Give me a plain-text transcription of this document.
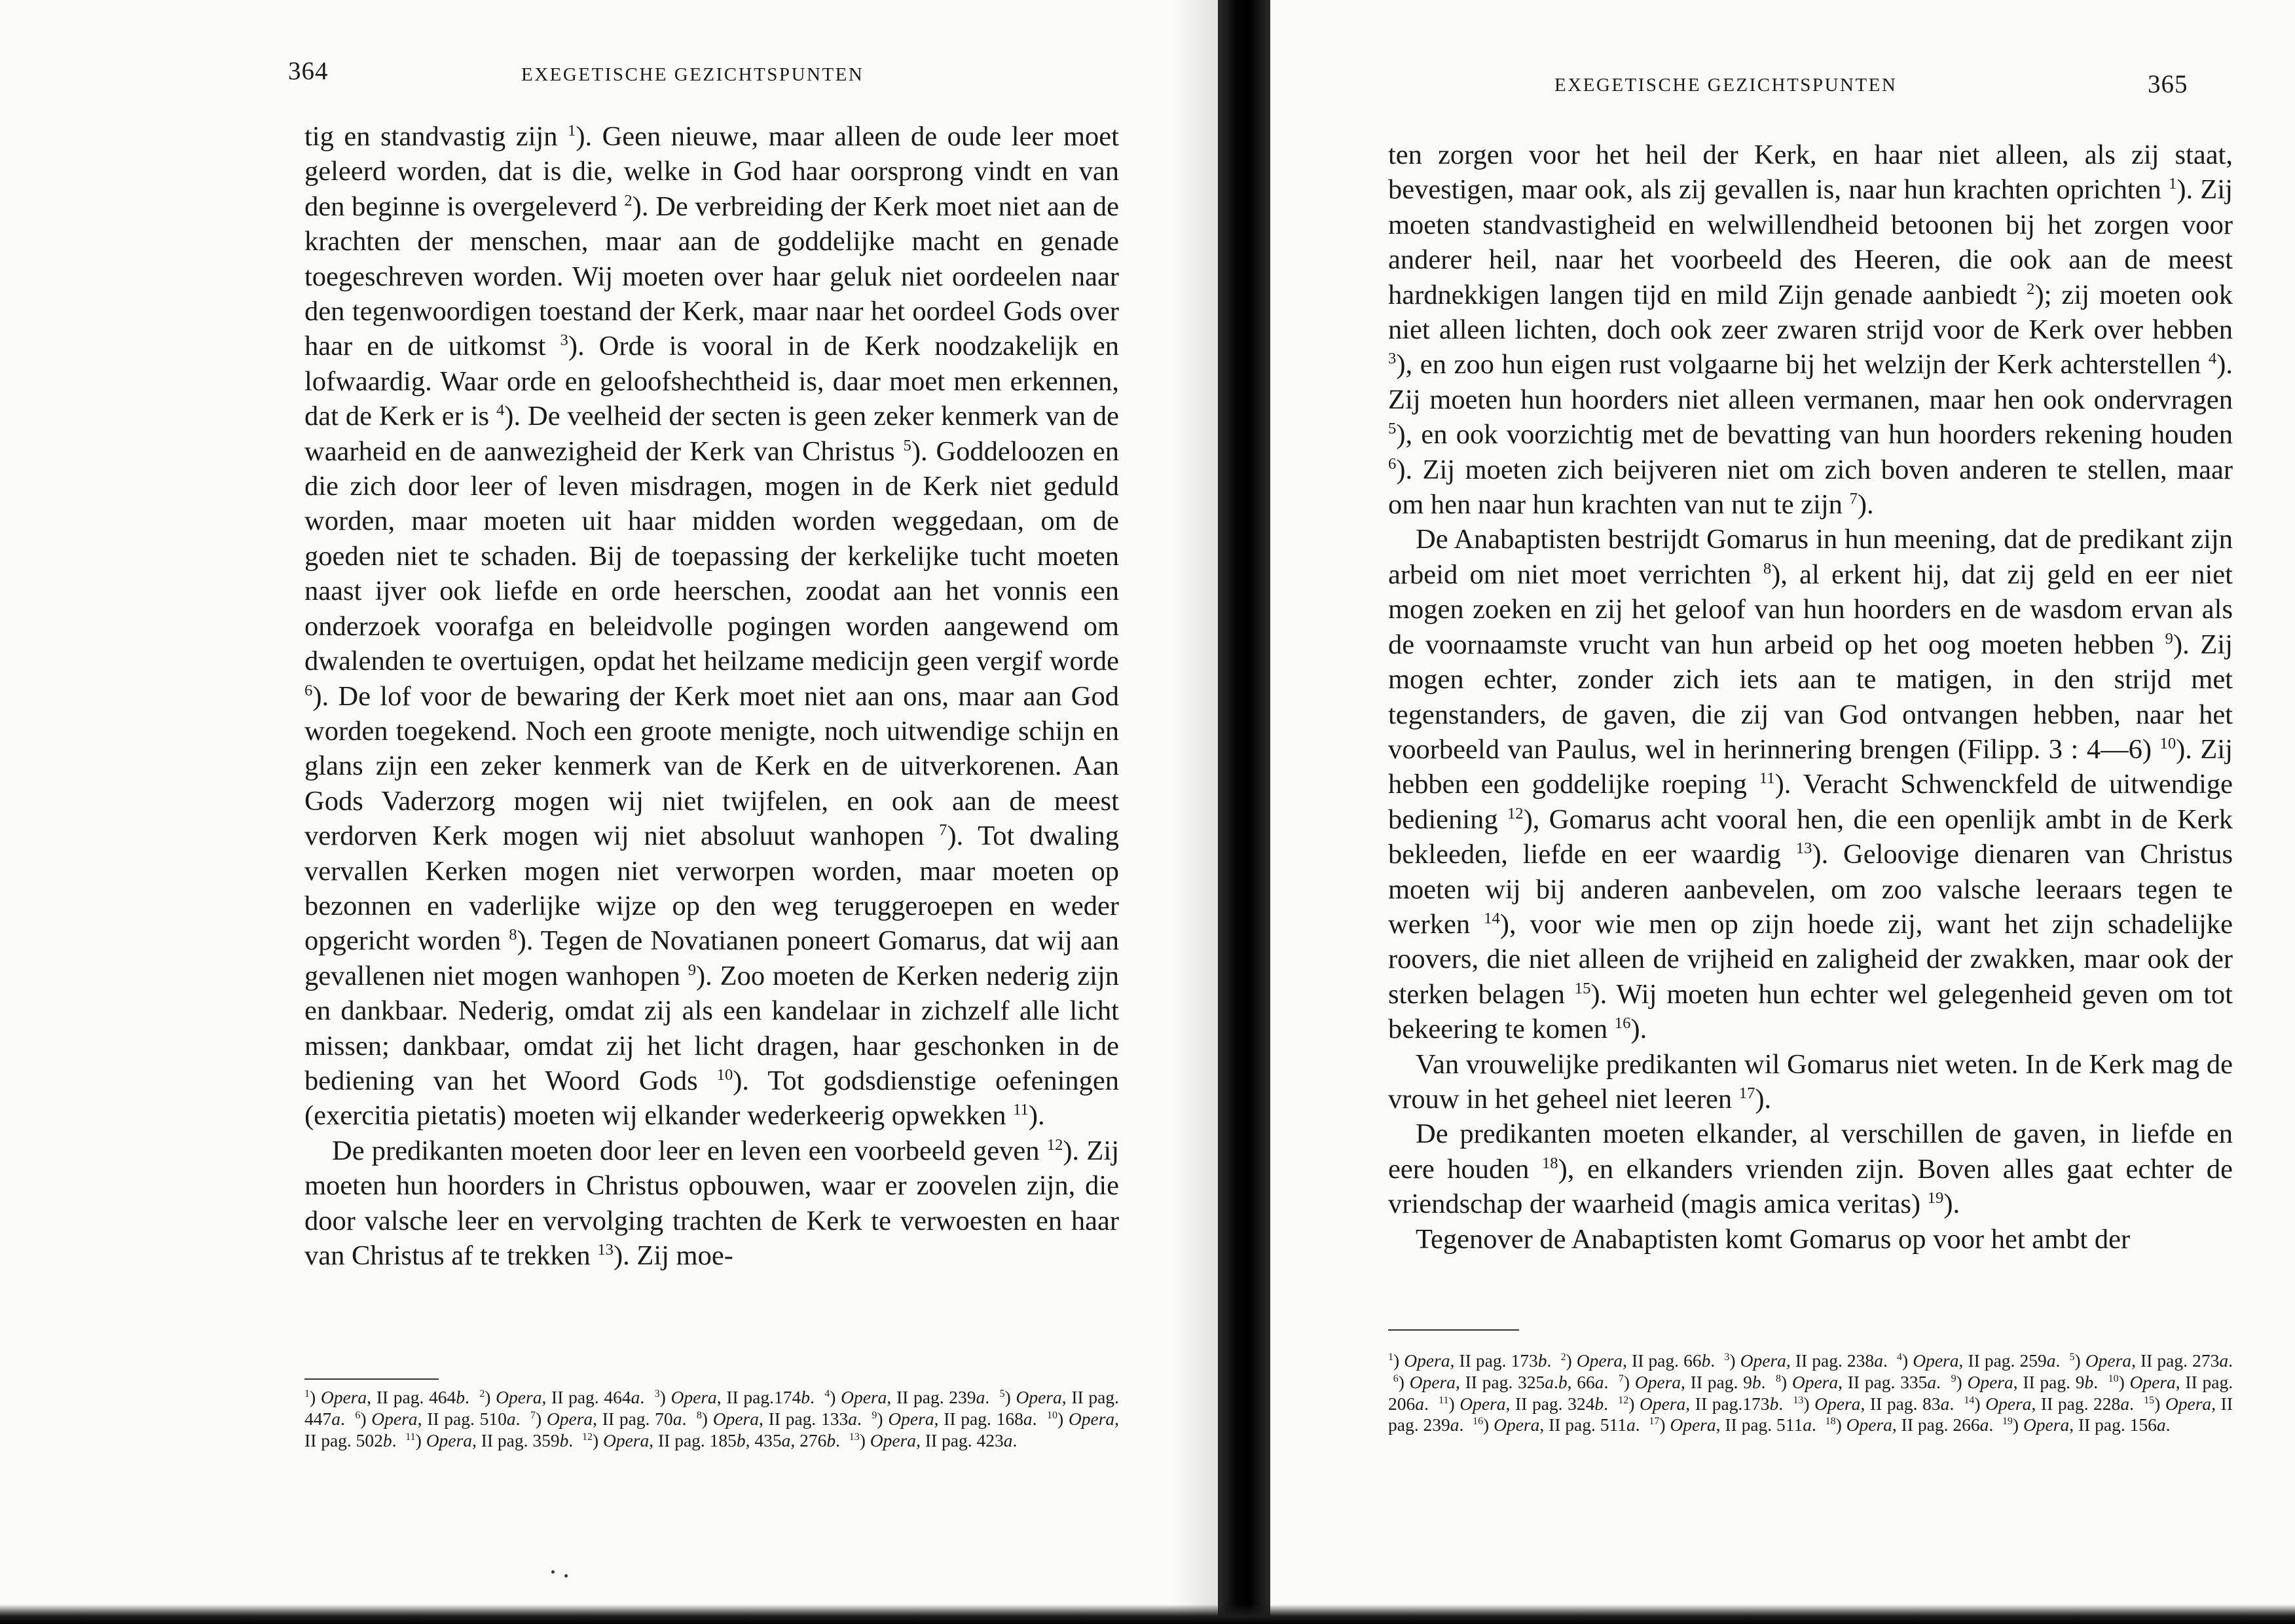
364	EXEGETISCHE GEZICHTSPUNTEN

tig en standvastig zijn $^1$). Geen nieuwe, maar alleen de oude leer moet geleerd worden, dat is die, welke in God haar oorsprong vindt en van den beginne is overgeleverd $^2$). De verbreiding der Kerk moet niet aan de krachten der menschen, maar aan de goddelijke macht en genade toegeschreven worden. Wij moeten over haar geluk niet oordeelen naar den tegenwoordigen toestand der Kerk, maar naar het oordeel Gods over haar en de uitkomst $^3$). Orde is vooral in de Kerk noodzakelijk en lofwaardig. Waar orde en geloofshechtheid is, daar moet men erkennen, dat de Kerk er is $^4$). De veelheid der secten is geen zeker kenmerk van de waarheid en de aanwezigheid der Kerk van Christus $^5$). Goddeloozen en die zich door leer of leven misdragen, mogen in de Kerk niet geduld worden, maar moeten uit haar midden worden weggedaan, om de goeden niet te schaden. Bij de toepassing der kerkelijke tucht moeten naast ijver ook liefde en orde heerschen, zoodat aan het vonnis een onderzoek voorafga en beleidvolle pogingen worden aangewend om dwalenden te overtuigen, opdat het heilzame medicijn geen vergif worde $^6$). De lof voor de bewaring der Kerk moet niet aan ons, maar aan God worden toegekend. Noch een groote menigte, noch uitwendige schijn en glans zijn een zeker kenmerk van de Kerk en de uitverkorenen. Aan Gods Vaderzorg mogen wij niet twijfelen, en ook aan de meest verdorven Kerk mogen wij niet absoluut wanhopen $^7$). Tot dwaling vervallen Kerken mogen niet verworpen worden, maar moeten op bezonnen en vaderlijke wijze op den weg teruggeroepen en weder opgericht worden $^8$). Tegen de Novatianen poneert Gomarus, dat wij aan gevallenen niet mogen wanhopen $^9$). Zoo moeten de Kerken nederig zijn en dankbaar. Nederig, omdat zij als een kandelaar in zichzelf alle licht missen; dankbaar, omdat zij het licht dragen, haar geschonken in de bediening van het Woord Gods $^{10}$). Tot godsdienstige oefeningen (exercitia pietatis) moeten wij elkander wederkeerig opwekken $^{11}$).

De predikanten moeten door leer en leven een voorbeeld geven $^{12}$). Zij moeten hun hoorders in Christus opbouwen, waar er zoovelen zijn, die door valsche leer en vervolging trachten de Kerk te verwoesten en haar van Christus af te trekken $^{13}$). Zij moe-

$^1$) Opera, II pag. 464b.  $^2$) Opera, II pag. 464a.  $^3$) Opera, II pag.174b.  $^4$) Opera, II pag. 239a.  $^5$) Opera, II pag. 447a.  $^6$) Opera, II pag. 510a.  $^7$) Opera, II pag. 70a.  $^8$) Opera, II pag. 133a.  $^9$) Opera, II pag. 168a.  $^{10}$) Opera, II pag. 502b.  $^{11}$) Opera, II pag. 359b.  $^{12}$) Opera, II pag. 185b, 435a, 276b.  $^{13}$) Opera, II pag. 423a.

EXEGETISCHE GEZICHTSPUNTEN	365

ten zorgen voor het heil der Kerk, en haar niet alleen, als zij staat, bevestigen, maar ook, als zij gevallen is, naar hun krachten oprichten $^1$). Zij moeten standvastigheid en welwillendheid betoonen bij het zorgen voor anderer heil, naar het voorbeeld des Heeren, die ook aan de meest hardnekkigen langen tijd en mild Zijn genade aanbiedt $^2$); zij moeten ook niet alleen lichten, doch ook zeer zwaren strijd voor de Kerk over hebben $^3$), en zoo hun eigen rust volgaarne bij het welzijn der Kerk achterstellen $^4$). Zij moeten hun hoorders niet alleen vermanen, maar hen ook ondervragen $^5$), en ook voorzichtig met de bevatting van hun hoorders rekening houden $^6$). Zij moeten zich beijveren niet om zich boven anderen te stellen, maar om hen naar hun krachten van nut te zijn $^7$).

De Anabaptisten bestrijdt Gomarus in hun meening, dat de predikant zijn arbeid om niet moet verrichten $^8$), al erkent hij, dat zij geld en eer niet mogen zoeken en zij het geloof van hun hoorders en de wasdom ervan als de voornaamste vrucht van hun arbeid op het oog moeten hebben $^9$). Zij mogen echter, zonder zich iets aan te matigen, in den strijd met tegenstanders, de gaven, die zij van God ontvangen hebben, naar het voorbeeld van Paulus, wel in herinnering brengen (Filipp. 3 : 4—6) $^{10}$). Zij hebben een goddelijke roeping $^{11}$). Veracht Schwenckfeld de uitwendige bediening $^{12}$), Gomarus acht vooral hen, die een openlijk ambt in de Kerk bekleeden, liefde en eer waardig $^{13}$). Geloovige dienaren van Christus moeten wij bij anderen aanbevelen, om zoo valsche leeraars tegen te werken $^{14}$), voor wie men op zijn hoede zij, want het zijn schadelijke roovers, die niet alleen de vrijheid en zaligheid der zwakken, maar ook der sterken belagen $^{15}$). Wij moeten hun echter wel gelegenheid geven om tot bekeering te komen $^{16}$).

Van vrouwelijke predikanten wil Gomarus niet weten. In de Kerk mag de vrouw in het geheel niet leeren $^{17}$).

De predikanten moeten elkander, al verschillen de gaven, in liefde en eere houden $^{18}$), en elkanders vrienden zijn. Boven alles gaat echter de vriendschap der waarheid (magis amica veritas) $^{19}$).

Tegenover de Anabaptisten komt Gomarus op voor het ambt der

$^1$) Opera, II pag. 173b.  $^2$) Opera, II pag. 66b.  $^3$) Opera, II pag. 238a.  $^4$) Opera, II pag. 259a.  $^5$) Opera, II pag. 273a.  $^6$) Opera, II pag. 325a.b, 66a.  $^7$) Opera, II pag. 9b.  $^8$) Opera, II pag. 335a.  $^9$) Opera, II pag. 9b.  $^{10}$) Opera, II pag. 206a.  $^{11}$) Opera, II pag. 324b.  $^{12}$) Opera, II pag.173b.  $^{13}$) Opera, II pag. 83a.  $^{14}$) Opera, II pag. 228a.  $^{15}$) Opera, II pag. 239a.  $^{16}$) Opera, II pag. 511a.  $^{17}$) Opera, II pag. 511a.  $^{18}$) Opera, II pag. 266a.  $^{19}$) Opera, II pag. 156a.
